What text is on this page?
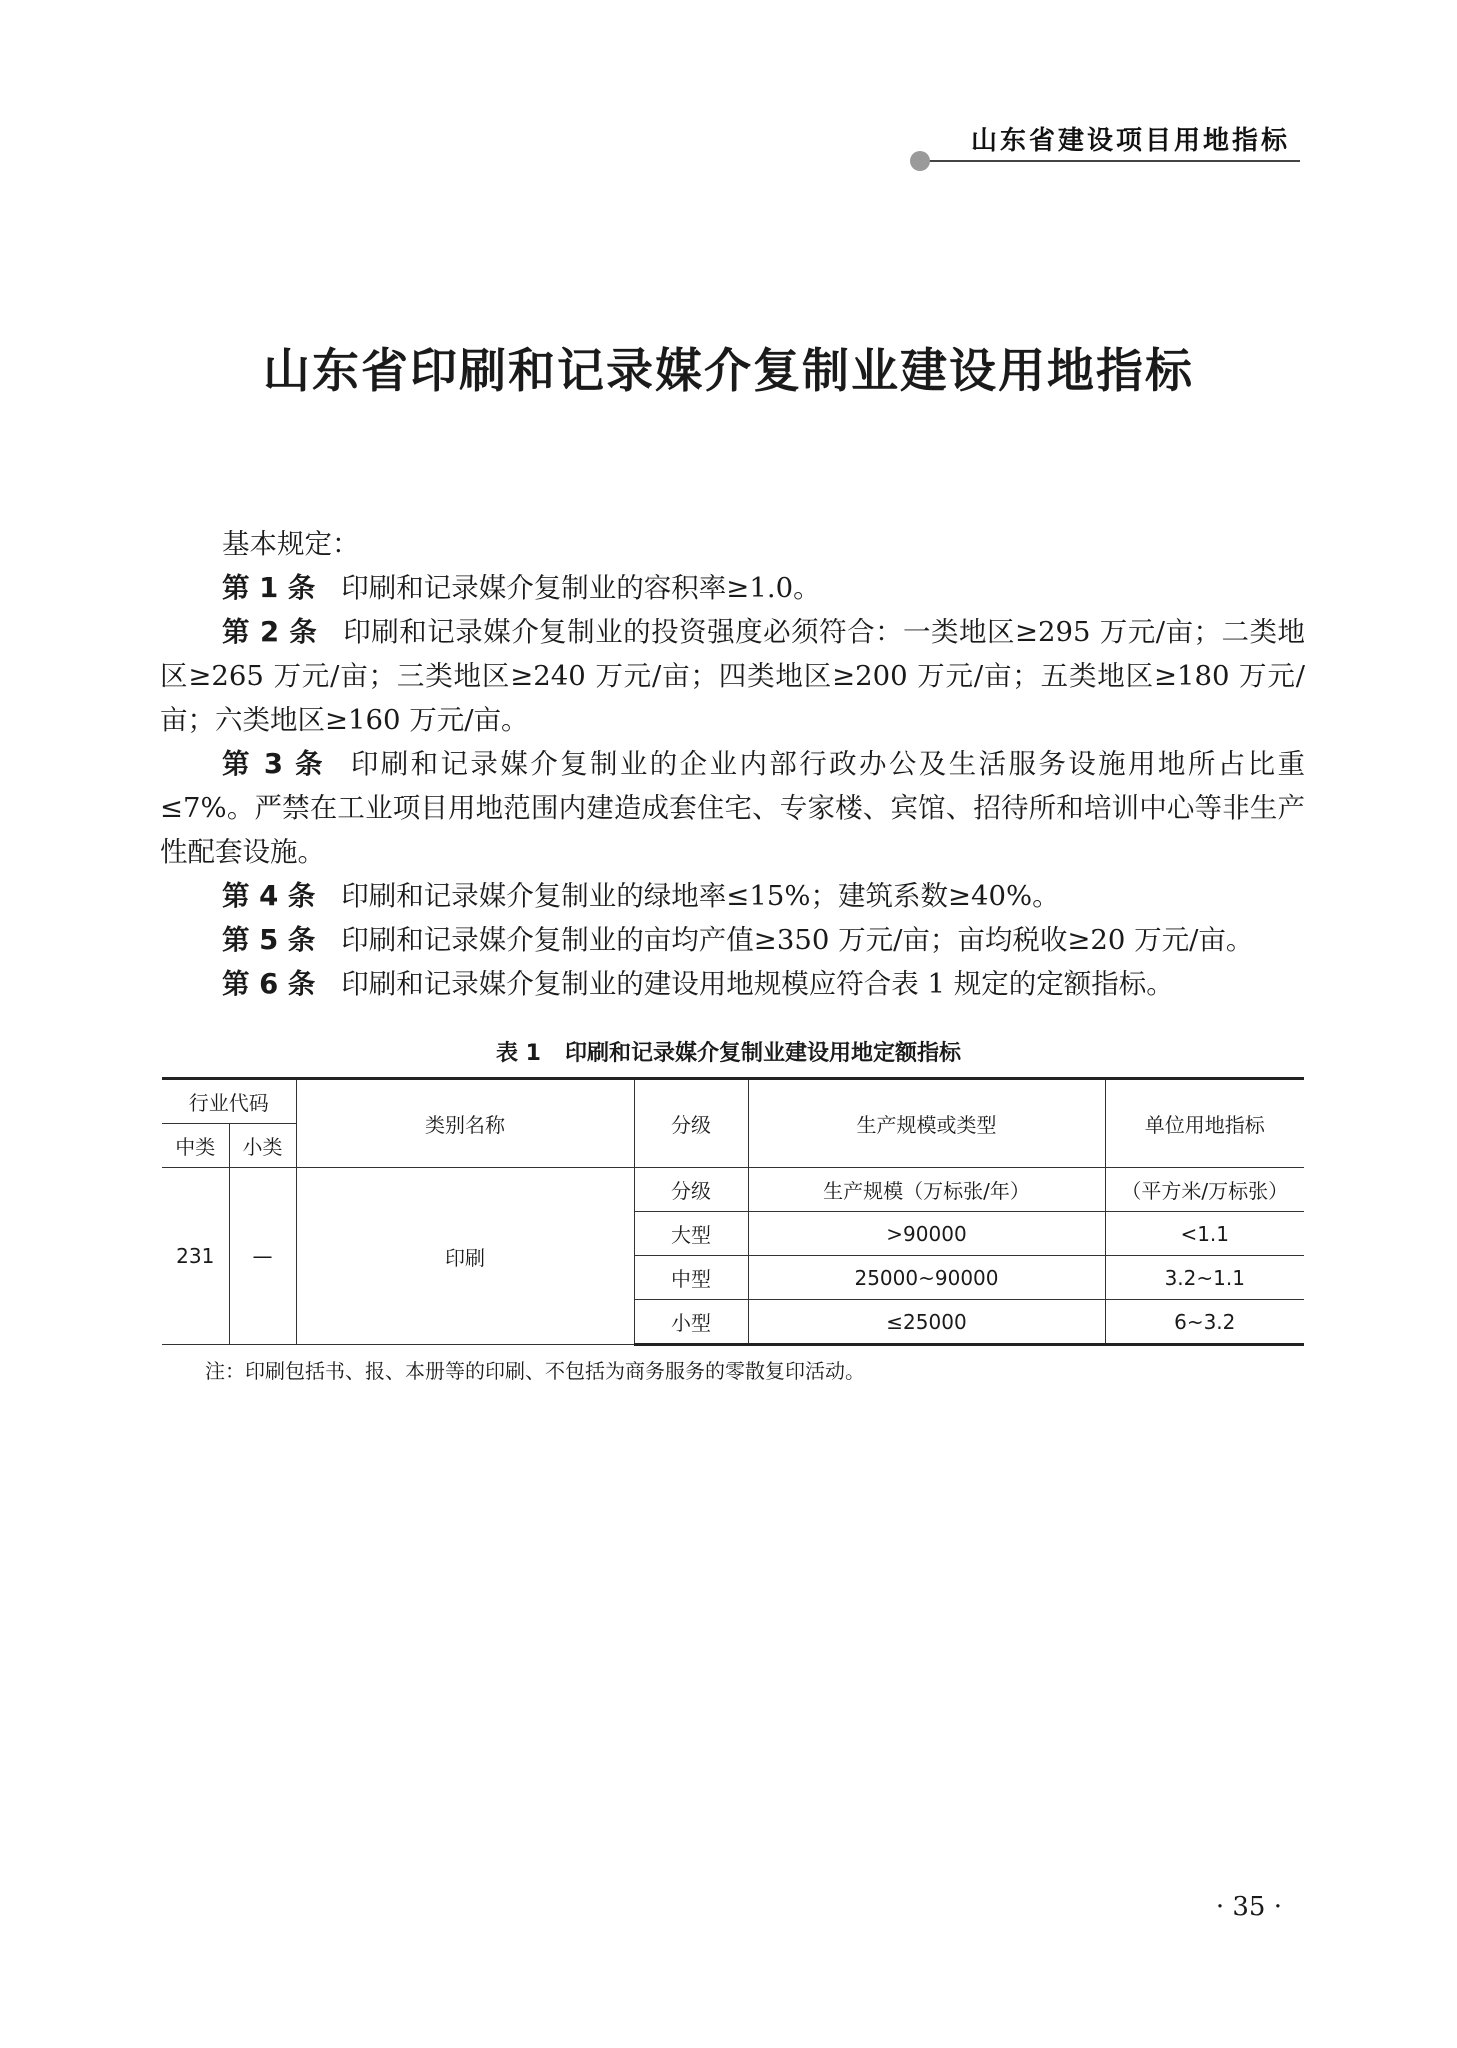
山东省建设项目用地指标
山东省印刷和记录媒介复制业建设用地指标

基本规定：

第 1 条 印刷和记录媒介复制业的容积率≥1.0。

第 2 条 印刷和记录媒介复制业的投资强度必须符合：一类地区≥295 万元/亩；二类地区≥265 万元/亩；三类地区≥240 万元/亩；四类地区≥200 万元/亩；五类地区≥180 万元/亩；六类地区≥160 万元/亩。

第 3 条 印刷和记录媒介复制业的企业内部行政办公及生活服务设施用地所占比重≤7%。严禁在工业项目用地范围内建造成套住宅、专家楼、宾馆、招待所和培训中心等非生产性配套设施。

第 4 条 印刷和记录媒介复制业的绿地率≤15%；建筑系数≥40%。

第 5 条 印刷和记录媒介复制业的亩均产值≥350 万元/亩；亩均税收≥20 万元/亩。

第 6 条 印刷和记录媒介复制业的建设用地规模应符合表 1 规定的定额指标。

表 1 印刷和记录媒介复制业建设用地定额指标
行业代码		类别名称	分级	生产规模或类型	单位用地指标
中类	小类				
231	—	印刷	分级	生产规模（万标张/年）	（平方米/万标张）
			大型	>90000	<1.1
			中型	25000~90000	3.2~1.1
			小型	≤25000	6~3.2
注：印刷包括书、报、本册等的印刷、不包括为商务服务的零散复印活动。
· 35 ·
